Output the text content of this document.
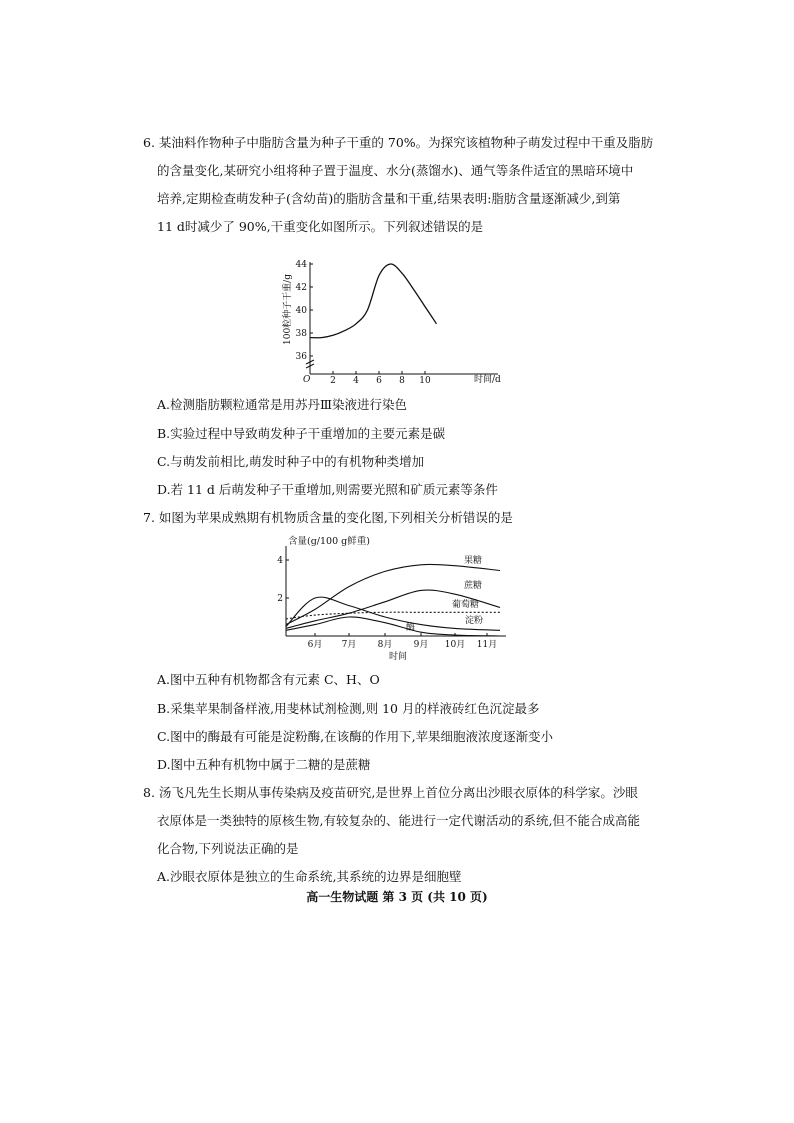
6. 某油料作物种子中脂肪含量为种子干重的 70%。为探究该植物种子萌发过程中干重及脂肪
的含量变化,某研究小组将种子置于温度、水分(蒸馏水)、通气等条件适宜的黑暗环境中
培养,定期检查萌发种子(含幼苗)的脂肪含量和干重,结果表明:脂肪含量逐渐减少,到第
11 d时减少了 90%,干重变化如图所示。下列叙述错误的是
36
38
40
42
44
2 4 6 8 10
100粒种子干重/g
时间/d
O
A.检测脂肪颗粒通常是用苏丹Ⅲ染液进行染色
B.实验过程中导致萌发种子干重增加的主要元素是碳
C.与萌发前相比,萌发时种子中的有机物种类增加
D.若 11 d 后萌发种子干重增加,则需要光照和矿质元素等条件
7. 如图为苹果成熟期有机物质含量的变化图,下列相关分析错误的是
2
4
6月 7月 8月 9月 10月 11月
果糖
蔗糖
葡萄糖
淀粉
酶
含量(g/100 g鲜重)
时间
A.图中五种有机物都含有元素 C、H、O
B.采集苹果制备样液,用斐林试剂检测,则 10 月的样液砖红色沉淀最多
C.图中的酶最有可能是淀粉酶,在该酶的作用下,苹果细胞液浓度逐渐变小
D.图中五种有机物中属于二糖的是蔗糖
8. 汤飞凡先生长期从事传染病及疫苗研究,是世界上首位分离出沙眼衣原体的科学家。沙眼
衣原体是一类独特的原核生物,有较复杂的、能进行一定代谢活动的系统,但不能合成高能
化合物,下列说法正确的是
A.沙眼衣原体是独立的生命系统,其系统的边界是细胞壁
高一生物试题 第 3 页 (共 10 页)
